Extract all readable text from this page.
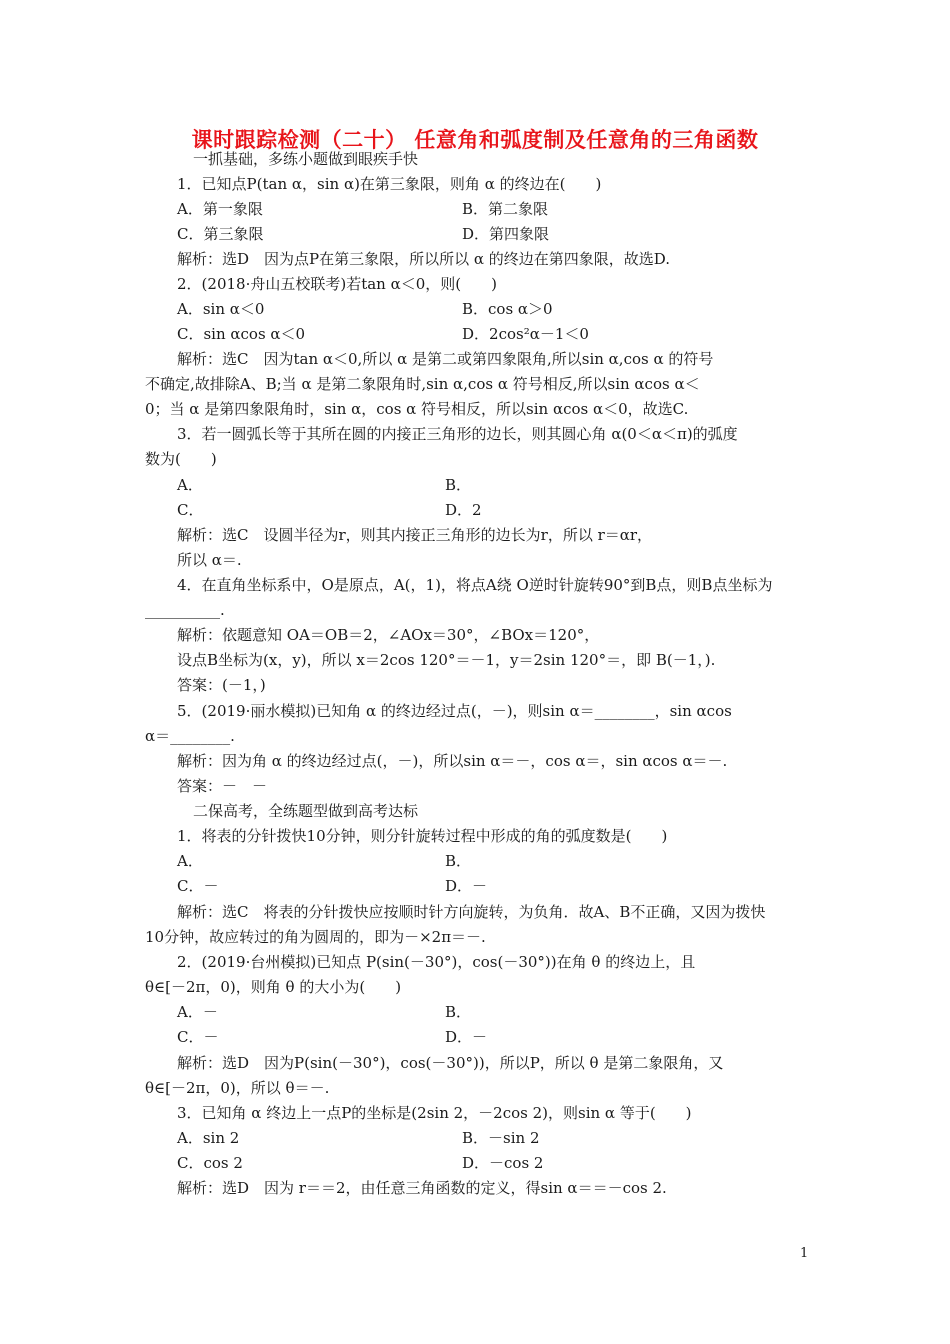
课时跟踪检测（二十） 任意角和弧度制及任意角的三角函数
一抓基础，多练小题做到眼疾手快
1．已知点P(tan α，sin α)在第三象限，则角 α 的终边在(　　)
A．第一象限	B．第二象限
C．第三象限	D．第四象限
解析：选D　因为点P在第三象限，所以所以 α 的终边在第四象限，故选D.
2．(2018·舟山五校联考)若tan α＜0，则(　　)
A．sin α＜0	B．cos α＞0
C．sin αcos α＜0	D．2cos²α－1＜0
解析：选C　因为tan α＜0,所以 α 是第二或第四象限角,所以sin α,cos α 的符号
不确定,故排除A、B;当 α 是第二象限角时,sin α,cos α 符号相反,所以sin αcos α＜
0；当 α 是第四象限角时，sin α，cos α 符号相反，所以sin αcos α＜0，故选C.
3．若一圆弧长等于其所在圆的内接正三角形的边长，则其圆心角 α(0＜α＜π)的弧度
数为(　　)
A．	B．
C．	D．2
解析：选C　设圆半径为r，则其内接正三角形的边长为r，所以 r＝αr，
所以 α＝.
4．在直角坐标系中，O是原点，A(，1)，将点A绕 O逆时针旋转90°到B点，则B点坐标为
__________.
解析：依题意知 OA＝OB＝2，∠AOx＝30°，∠BOx＝120°，
设点B坐标为(x，y)，所以 x＝2cos 120°＝－1，y＝2sin 120°＝，即 B(－1，).
答案：(－1，)
5．(2019·丽水模拟)已知角 α 的终边经过点(，－)，则sin α＝________，sin αcos
α＝________.
解析：因为角 α 的终边经过点(，－)，所以sin α＝－，cos α＝，sin αcos α＝－.
答案：－　－
二保高考，全练题型做到高考达标
1．将表的分针拨快10分钟，则分针旋转过程中形成的角的弧度数是(　　)
A．	B．
C．－	D．－
解析：选C　将表的分针拨快应按顺时针方向旋转，为负角．故A、B不正确，又因为拨快
10分钟，故应转过的角为圆周的，即为－×2π＝－.
2．(2019·台州模拟)已知点 P(sin(－30°)，cos(－30°))在角 θ 的终边上，且
θ∈[－2π，0)，则角 θ 的大小为(　　)
A．－	B．
C．－	D．－
解析：选D　因为P(sin(－30°)，cos(－30°))，所以P，所以 θ 是第二象限角，又
θ∈[－2π，0)，所以 θ＝－.
3．已知角 α 终边上一点P的坐标是(2sin 2，－2cos 2)，则sin α 等于(　　)
A．sin 2	B．－sin 2
C．cos 2	D．－cos 2
解析：选D　因为 r＝＝2，由任意三角函数的定义，得sin α＝＝－cos 2.
1
